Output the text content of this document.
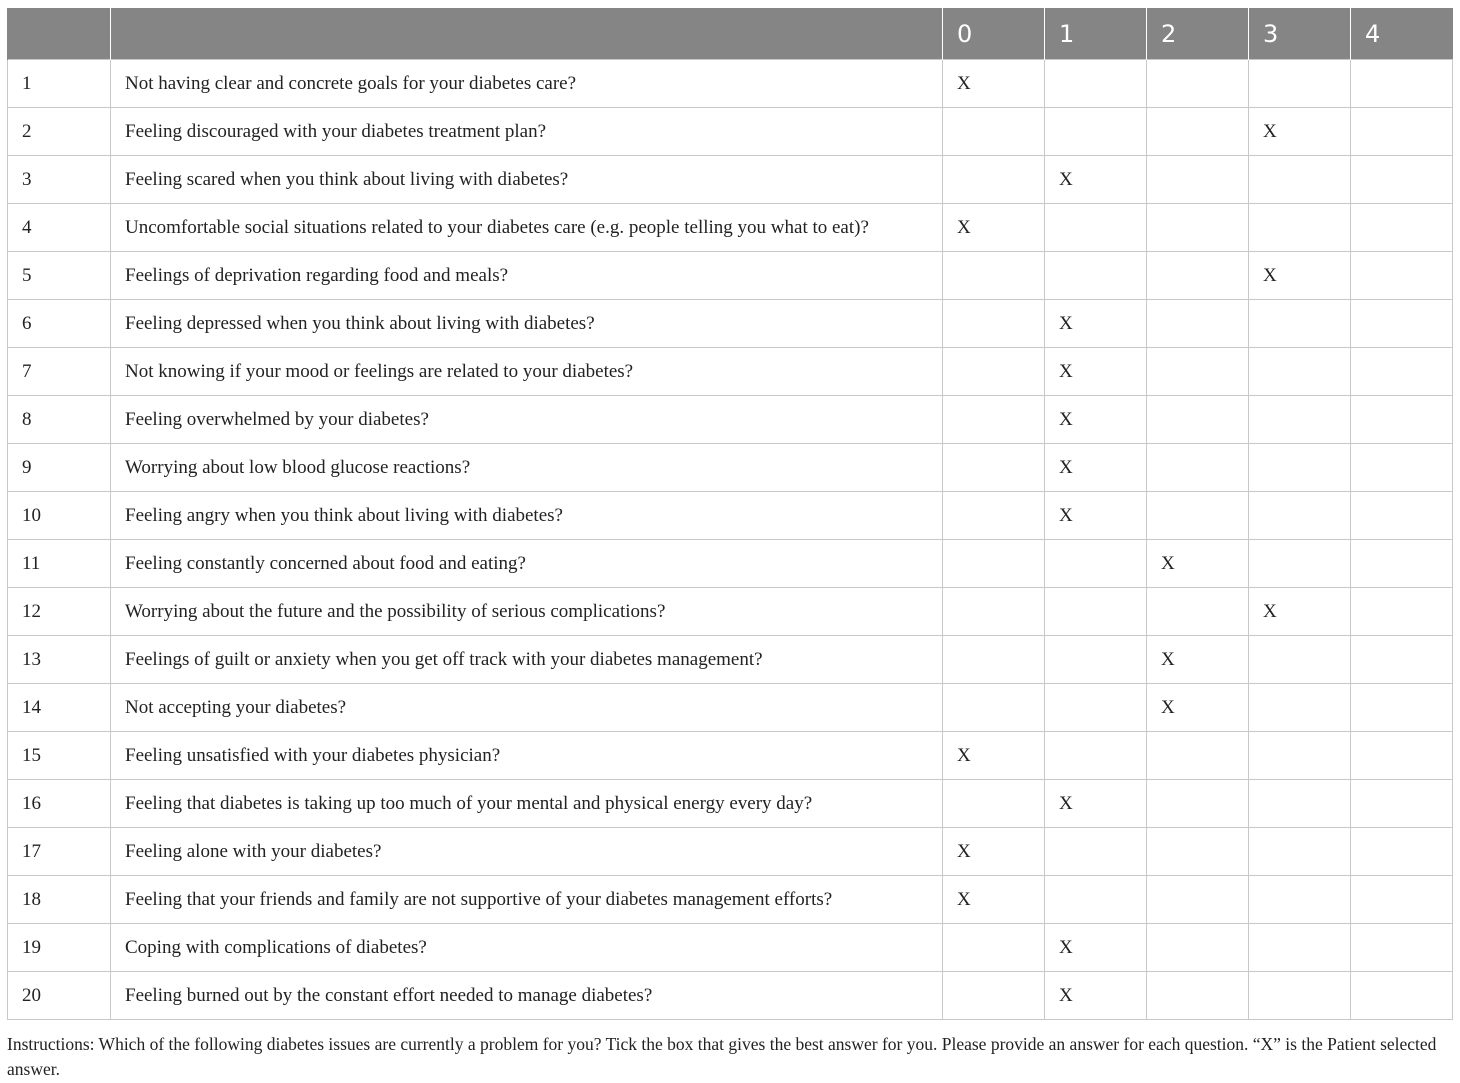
		0	1	2	3	4
1	Not having clear and concrete goals for your diabetes care?	X				
2	Feeling discouraged with your diabetes treatment plan?				X	
3	Feeling scared when you think about living with diabetes?		X			
4	Uncomfortable social situations related to your diabetes care (e.g. people telling you what to eat)?	X				
5	Feelings of deprivation regarding food and meals?				X	
6	Feeling depressed when you think about living with diabetes?		X			
7	Not knowing if your mood or feelings are related to your diabetes?		X			
8	Feeling overwhelmed by your diabetes?		X			
9	Worrying about low blood glucose reactions?		X			
10	Feeling angry when you think about living with diabetes?		X			
11	Feeling constantly concerned about food and eating?			X		
12	Worrying about the future and the possibility of serious complications?				X	
13	Feelings of guilt or anxiety when you get off track with your diabetes management?			X		
14	Not accepting your diabetes?			X		
15	Feeling unsatisfied with your diabetes physician?	X				
16	Feeling that diabetes is taking up too much of your mental and physical energy every day?		X			
17	Feeling alone with your diabetes?	X				
18	Feeling that your friends and family are not supportive of your diabetes management efforts?	X				
19	Coping with complications of diabetes?		X			
20	Feeling burned out by the constant effort needed to manage diabetes?		X			
Instructions: Which of the following diabetes issues are currently a problem for you? Tick the box that gives the best answer for you. Please provide an answer for each question. “X” is the Patient selected answer.
